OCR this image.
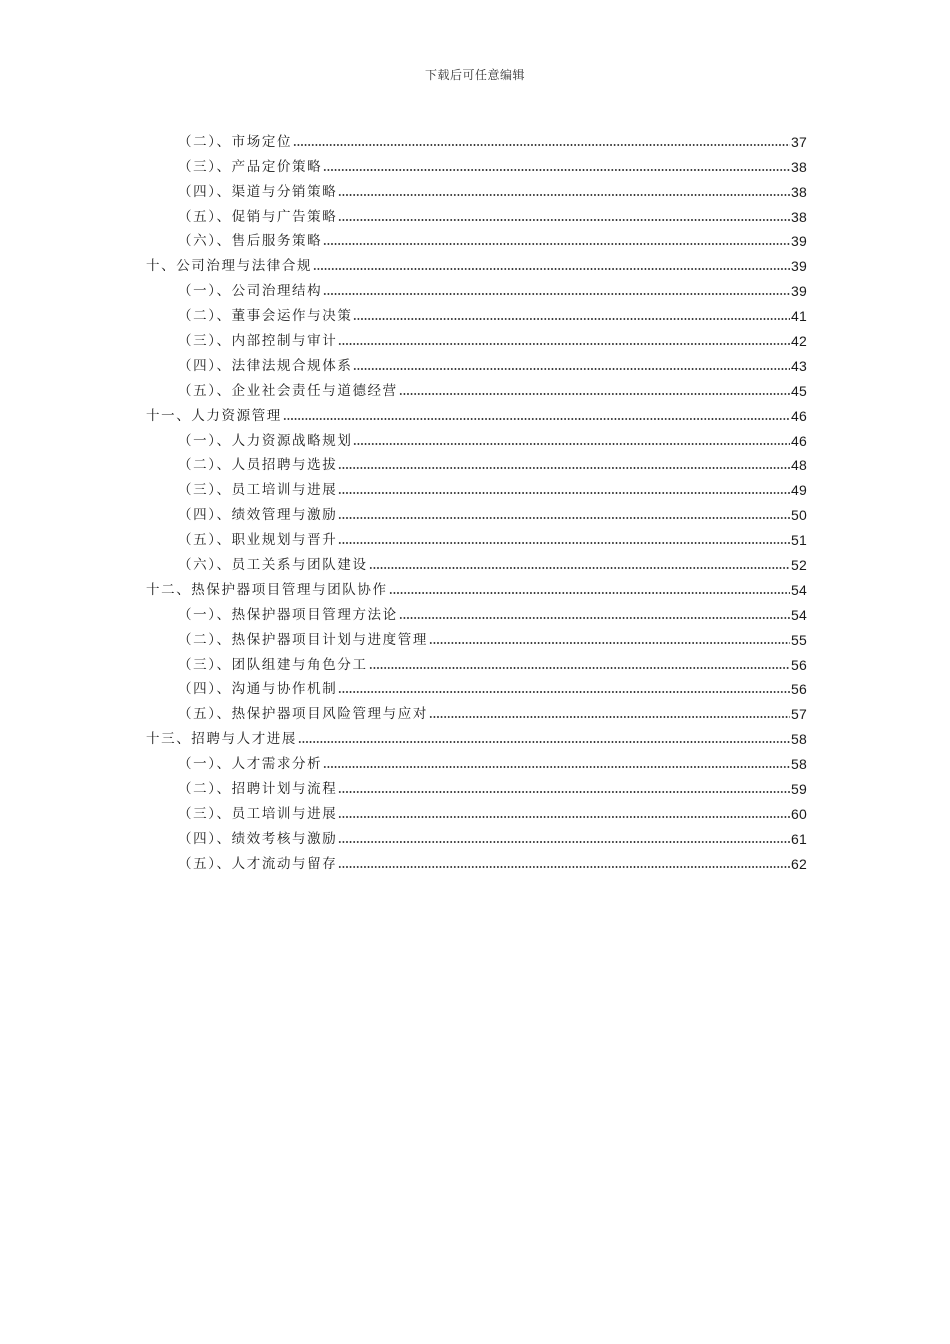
下载后可任意编辑
（二）、市场定位	37
（三）、产品定价策略	38
（四）、渠道与分销策略	38
（五）、促销与广告策略	38
（六）、售后服务策略	39
十、公司治理与法律合规	39
（一）、公司治理结构	39
（二）、董事会运作与决策	41
（三）、内部控制与审计	42
（四）、法律法规合规体系	43
（五）、企业社会责任与道德经营	45
十一、人力资源管理	46
（一）、人力资源战略规划	46
（二）、人员招聘与选拔	48
（三）、员工培训与进展	49
（四）、绩效管理与激励	50
（五）、职业规划与晋升	51
（六）、员工关系与团队建设	52
十二、热保护器项目管理与团队协作	54
（一）、热保护器项目管理方法论	54
（二）、热保护器项目计划与进度管理	55
（三）、团队组建与角色分工	56
（四）、沟通与协作机制	56
（五）、热保护器项目风险管理与应对	57
十三、招聘与人才进展	58
（一）、人才需求分析	58
（二）、招聘计划与流程	59
（三）、员工培训与进展	60
（四）、绩效考核与激励	61
（五）、人才流动与留存	62
